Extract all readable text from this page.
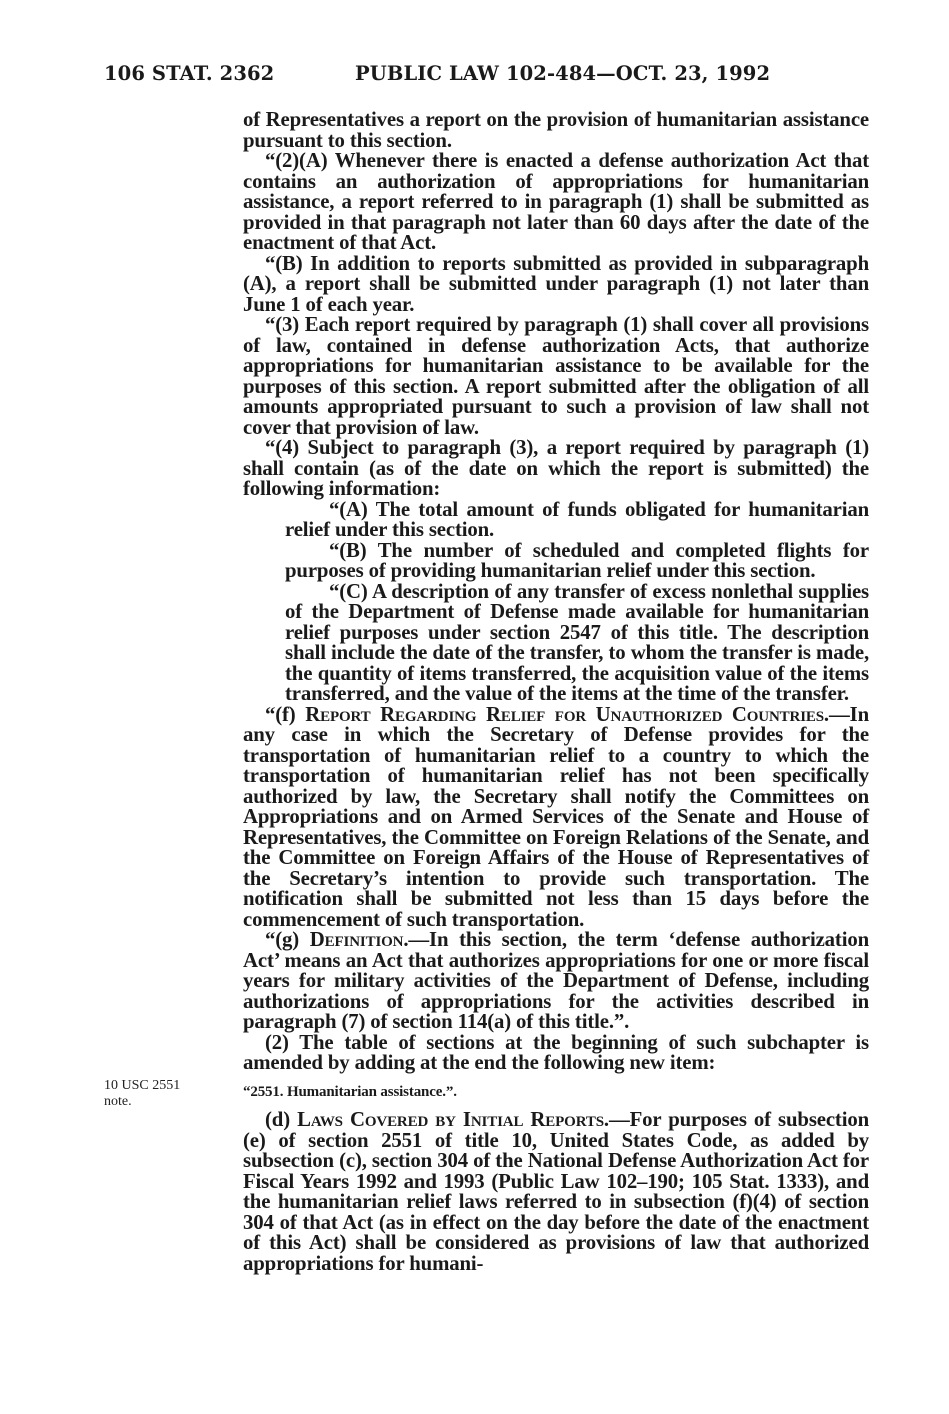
106 STAT. 2362	PUBLIC LAW 102-484—OCT. 23, 1992
10 USC 2551
note.

of Representatives a report on the provision of humanitarian assistance pursuant to this section.

“(2)(A) Whenever there is enacted a defense authorization Act that contains an authorization of appropriations for humanitarian assistance, a report referred to in paragraph (1) shall be submitted as provided in that paragraph not later than 60 days after the date of the enactment of that Act.

“(B) In addition to reports submitted as provided in subparagraph (A), a report shall be submitted under paragraph (1) not later than June 1 of each year.

“(3) Each report required by paragraph (1) shall cover all provisions of law, contained in defense authorization Acts, that authorize appropriations for humanitarian assistance to be available for the purposes of this section. A report submitted after the obligation of all amounts appropriated pursuant to such a provision of law shall not cover that provision of law.

“(4) Subject to paragraph (3), a report required by paragraph (1) shall contain (as of the date on which the report is submitted) the following information:

“(A) The total amount of funds obligated for humanitarian relief under this section.

“(B) The number of scheduled and completed flights for purposes of providing humanitarian relief under this section.

“(C) A description of any transfer of excess nonlethal supplies of the Department of Defense made available for humanitarian relief purposes under section 2547 of this title. The description shall include the date of the transfer, to whom the transfer is made, the quantity of items transferred, the acquisition value of the items transferred, and the value of the items at the time of the transfer.

“(f) Report Regarding Relief for Unauthorized Countries.—In any case in which the Secretary of Defense provides for the transportation of humanitarian relief to a country to which the transportation of humanitarian relief has not been specifically authorized by law, the Secretary shall notify the Committees on Appropriations and on Armed Services of the Senate and House of Representatives, the Committee on Foreign Relations of the Senate, and the Committee on Foreign Affairs of the House of Representatives of the Secretary’s intention to provide such transportation. The notification shall be submitted not less than 15 days before the commencement of such transportation.

“(g) Definition.—In this section, the term ‘defense authorization Act’ means an Act that authorizes appropriations for one or more fiscal years for military activities of the Department of Defense, including authorizations of appropriations for the activities described in paragraph (7) of section 114(a) of this title.”.

(2) The table of sections at the beginning of such subchapter is amended by adding at the end the following new item:

“2551. Humanitarian assistance.”.

(d) Laws Covered by Initial Reports.—For purposes of subsection (e) of section 2551 of title 10, United States Code, as added by subsection (c), section 304 of the National Defense Authorization Act for Fiscal Years 1992 and 1993 (Public Law 102–190; 105 Stat. 1333), and the humanitarian relief laws referred to in subsection (f)(4) of section 304 of that Act (as in effect on the day before the date of the enactment of this Act) shall be considered as provisions of law that authorized appropriations for humani-
